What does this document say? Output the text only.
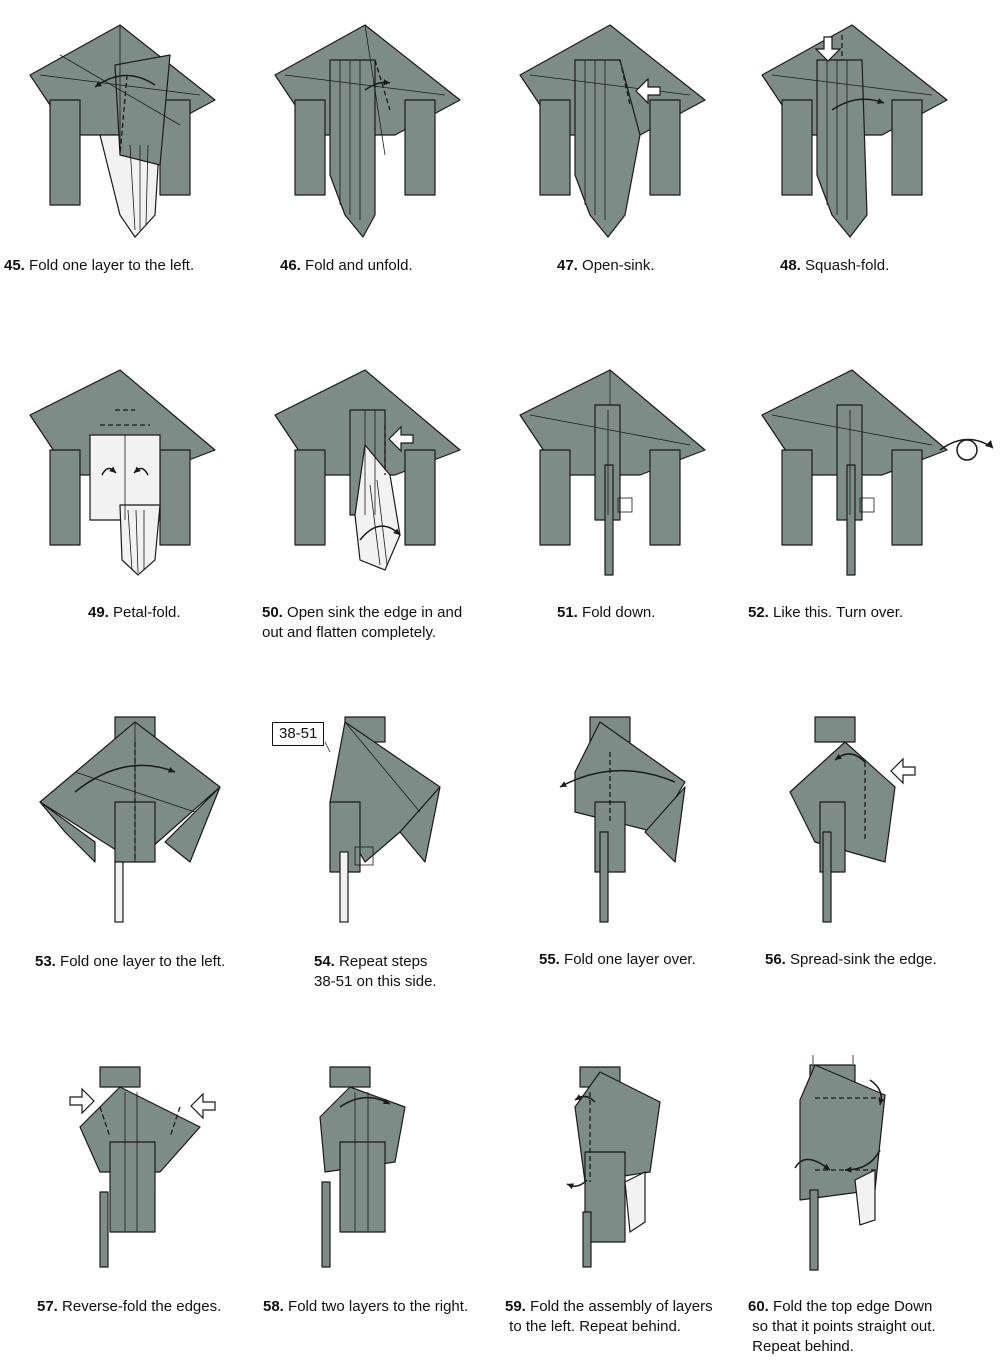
45. Fold one layer to the left.	46. Fold and unfold.	47. Open-sink.	48. Squash-fold.
49. Petal-fold.	50. Open sink the edge in and
out and flatten completely.
51. Fold down.	52. Like this. Turn over.
53. Fold one layer to the left.
38-51
54. Repeat steps
38-51 on this side.
55. Fold one layer over.	56. Spread-sink the edge.
57. Reverse-fold the edges.	58. Fold two layers to the right. 59. Fold the assembly of layers
to the left. Repeat behind.
60. Fold the top edge Down
so that it points straight out.
Repeat behind.
